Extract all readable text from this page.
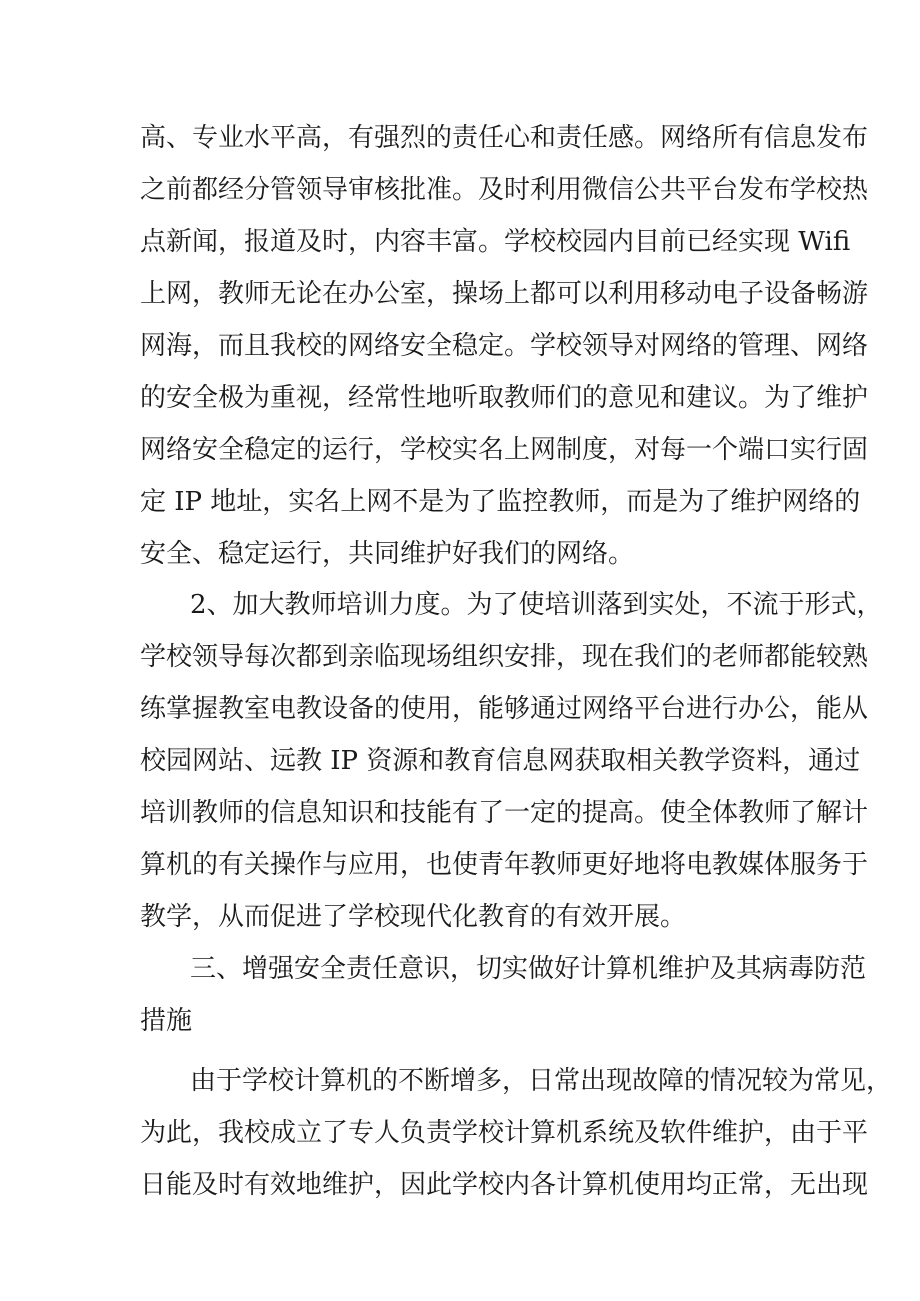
高、专业水平高，有强烈的责任心和责任感。网络所有信息发布
之前都经分管领导审核批准。及时利用微信公共平台发布学校热
点新闻，报道及时，内容丰富。学校校园内目前已经实现 Wifi
上网，教师无论在办公室，操场上都可以利用移动电子设备畅游
网海，而且我校的网络安全稳定。学校领导对网络的管理、网络
的安全极为重视，经常性地听取教师们的意见和建议。为了维护
网络安全稳定的运行，学校实名上网制度，对每一个端口实行固
定 IP 地址，实名上网不是为了监控教师，而是为了维护网络的
安全、稳定运行，共同维护好我们的网络。
2、加大教师培训力度。为了使培训落到实处，不流于形式，
学校领导每次都到亲临现场组织安排，现在我们的老师都能较熟
练掌握教室电教设备的使用，能够通过网络平台进行办公，能从
校园网站、远教 IP 资源和教育信息网获取相关教学资料，通过
培训教师的信息知识和技能有了一定的提高。使全体教师了解计
算机的有关操作与应用，也使青年教师更好地将电教媒体服务于
教学，从而促进了学校现代化教育的有效开展。
三、增强安全责任意识，切实做好计算机维护及其病毒防范
措施
由于学校计算机的不断增多，日常出现故障的情况较为常见，
为此，我校成立了专人负责学校计算机系统及软件维护，由于平
日能及时有效地维护，因此学校内各计算机使用均正常，无出现
